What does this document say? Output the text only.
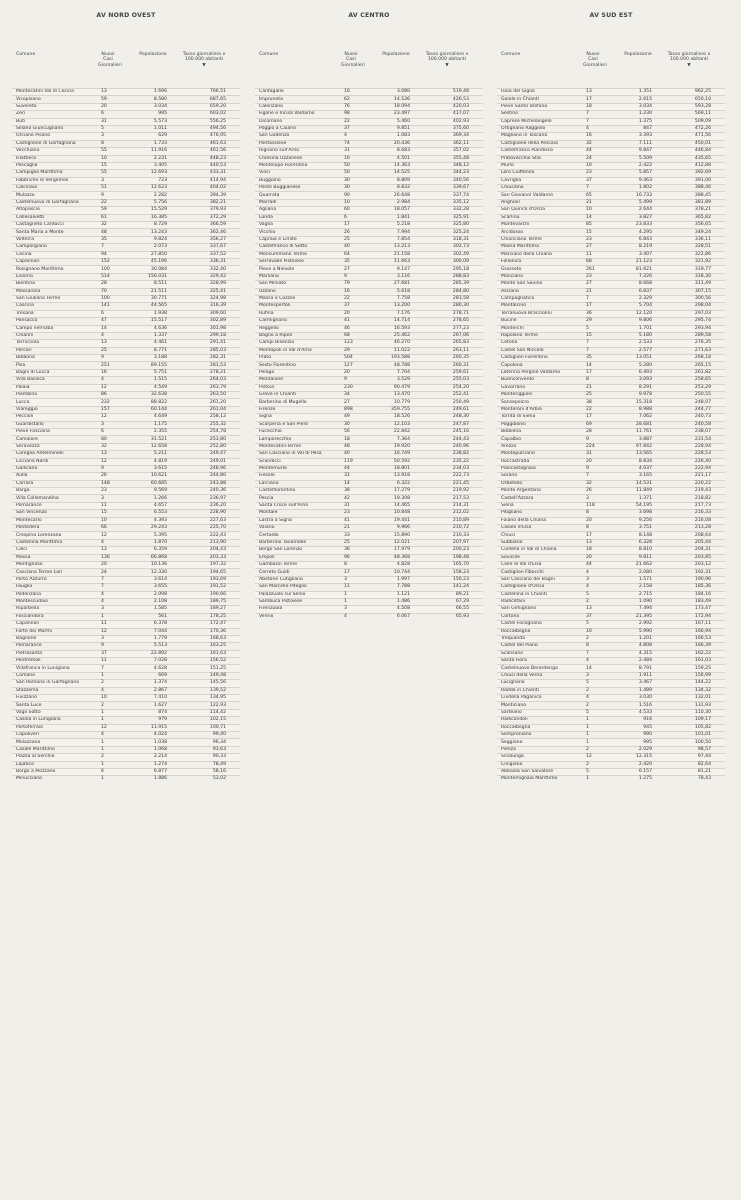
AV NORD OVEST
Comune	Nuovi Casi Giornalieri
Popolazione	Tasso giornaliero x 100.000 abitanti
▼
Montecatini Val di Cecina	13	1.696	766,51
Vicopisano	59	8.580	687,65
Suvereto	20	3.034	659,20
Zeri	6	995	603,02
Buti	31	5.573	556,25
Sillano Giuncugnano	5	1.011	494,56
Orciano Pisano	3	629	476,95
Castiglione di Garfagnana	8	1.733	461,63
Vecchiano	55	11.916	461,56
Filattiera	10	2.231	448,23
Pescaglia	15	3.405	440,53
Campiglia Marittima	55	12.693	433,31
Fabbriche di Vergemoli	3	723	414,94
Calcinaia	51	12.623	404,02
Mulazzo	9	2.282	394,39
Castelnuovo di Garfagnana	22	5.756	382,21
Altopascio	59	15.529	379,93
Collesalvetti	61	16.385	372,29
Castagneto Carducci	32	8.729	366,59
Santa Maria a Monte	48	13.243	362,46
Volterra	35	9.824	356,27
Camporgiano	7	2.073	337,67
Cecina	94	27.850	337,52
Capannori	152	45.196	336,31
Rosignano Marittimo	100	30.084	332,40
Livorno	514	156.031	329,42
Bientina	28	8.511	328,99
Massarosa	70	21.511	325,41
San Giuliano Terme	100	30.771	324,98
Cascina	141	44.565	316,39
Tresana	6	1.938	309,60
Ponsacco	47	15.517	302,89
Campo nell'Elba	14	4.636	301,98
Chianni	4	1.337	299,18
Terricciola	13	4.461	291,41
Porcari	25	8.771	285,03
Bibbona	9	3.188	282,31
Pisa	251	89.155	281,53
Bagni di Lucca	16	5.751	278,21
Villa Basilica	4	1.515	264,03
Palaia	12	4.549	263,79
Piombino	86	32.638	263,50
Lucca	232	88.822	261,20
Viareggio	157	60.144	261,04
Peccioli	12	4.649	258,12
Guardistallo	3	1.175	255,32
Pieve Fosciana	6	2.355	254,78
Camaiore	80	31.521	253,80
Seravezza	32	12.658	252,80
Coreglia Antelminelli	13	5.211	249,47
Licciana Nardi	12	4.819	249,01
Gallicano	9	3.615	248,96
Aulla	26	10.621	244,80
Carrara	148	60.685	243,88
Barga	23	9.569	240,36
Villa Collemandina	3	1.266	236,97
Pomarance	11	4.657	236,20
San Vincenzo	15	6.553	228,90
Montecarlo	10	4.393	227,63
Pontedera	66	29.243	225,70
Crespina Lorenzana	12	5.395	222,43
Castellina Marittima	4	1.870	213,90
Calci	13	6.359	204,43
Massa	136	66.868	203,33
Montignoso	20	10.136	197,32
Casciana Terme Lari	24	12.330	194,65
Porto Azzurro	7	3.614	193,69
Fauglia	7	3.655	191,52
Podenzana	4	2.098	190,66
Montescudaio	4	2.108	189,75
Riparbella	3	1.585	189,27
Fosciandora	1	561	178,25
Capannoli	11	6.378	172,47
Forte dei Marmi	12	7.044	170,36
Bagnone	3	1.779	168,63
Pomarance	9	5.513	163,25
Pietrasanta	37	22.892	161,63
Pontremoli	11	7.028	156,52
Villafranca in Lunigiana	7	4.628	151,25
Comano	1	669	149,48
San Romano in Garfagnana	2	1.374	145,56
Stazzema	4	2.867	139,52
Fivizzano	10	7.410	134,95
Santa Luce	2	1.627	122,93
Vagli Sotto	1	874	114,42
Casola in Lunigiana	1	979	102,15
Portoferraio	12	11.915	100,71
Capoliveri	4	4.024	99,40
Molazzana	1	1.038	96,34
Casale Marittimo	1	1.068	93,63
Piazza al Serchio	2	2.214	90,33
Lajatico	1	1.274	78,49
Borgo a Mozzano	6	6.877	58,16
Minucciano	1	1.886	53,02
AV CENTRO
Comune	Nuovi Casi Giornalieri
Popolazione	Tasso giornaliero x 100.000 abitanti
▼
Cantagallo	16	3.080	519,48
Impruneta	62	14.536	426,53
Calenzano	76	18.094	420,03
Figline e Incisa Valdarno	98	23.497	417,07
Dicomano	22	5.460	402,93
Poggio a Caiano	37	9.851	375,60
San Godenzo	4	1.083	369,34
Pontassieve	74	20.436	362,11
Rignano sull'Arno	31	8.683	357,02
Chiesina Uzzanese	16	4.501	355,48
Montelupo Fiorentino	50	14.363	348,12
Vinci	50	14.525	344,23
Buggiano	30	8.809	340,56
Ponte Buggianese	30	8.832	339,67
Quarrata	90	26.648	337,74
Marradi	10	2.984	335,12
Agliana	60	18.057	332,28
Londa	6	1.841	325,91
Vaglia	17	5.218	325,80
Vicchio	26	7.994	325,24
Capraia e Limite	25	7.854	318,31
Castelfranco di Sotto	40	13.213	302,73
Monsummano Terme	64	21.158	302,49
Serravalle Pistoiese	35	11.663	300,09
Pieve a Nievole	27	9.147	295,18
Marliana	9	3.116	288,83
San Miniato	79	27.681	285,39
Uzzano	16	5.618	284,80
Massa e Cozzile	22	7.758	283,58
Montespertoli	37	13.200	280,30
Rufina	20	7.176	278,71
Carmignano	41	14.714	278,65
Reggello	46	16.593	277,23
Bagno a Ripoli	68	25.462	267,06
Campi Bisenzio	123	46.270	265,83
Montopoli in Val d'Arno	29	11.022	263,11
Prato	504	193.588	260,35
Sesto Fiorentino	127	48.788	260,31
Pelago	20	7.704	259,61
Montaione	9	3.529	255,03
Pistoia	230	90.479	254,20
Greve in Chianti	34	13.470	252,41
Barberino di Mugello	27	10.779	250,49
Firenze	898	359.755	249,61
Signa	49	18.526	248,30
Scarperia e San Piero	30	12.103	247,87
Fucecchio	56	22.842	245,16
Lamporecchio	18	7.364	244,43
Montecatini-Terme	48	19.920	240,96
San Casciano in Val di Pesa	40	16.749	238,82
Scandicci	119	50.592	235,22
Montemurlo	44	18.801	234,03
Fiesole	31	13.918	222,73
Larciano	14	6.322	221,45
Castelfiorentino	38	17.279	219,92
Pescia	42	19.308	217,53
Santa Croce sull'Arno	31	14.465	214,31
Montale	23	10.848	212,02
Lastra a Signa	41	19.441	210,89
Vaiano	21	9.966	210,72
Certaldo	33	15.890	210,33
Barberino Tavarnelle	25	12.021	207,97
Borgo San Lorenzo	36	17.979	200,23
Empoli	96	48.368	198,48
Gambassi Terme	8	4.828	165,70
Cerreto Guidi	17	10.744	158,23
Abetone Cutigliano	3	1.997	150,23
San Marcello Piteglio	11	7.788	141,24
Palazzuolo sul Senio	1	1.121	89,21
Sambuca Pistoiese	1	1.486	67,29
Firenzuola	3	4.508	66,55
Vernio	4	6.067	65,93
AV SUD EST
Comune	Nuovi Casi Giornalieri
Popolazione	Tasso giornaliero x 100.000 abitanti
▼
Isola del Giglio	13	1.351	962,25
Gaiole in Chianti	17	2.615	650,10
Pieve Santo Stefano	18	3.034	593,28
Sestino	7	1.230	569,11
Caprese Michelangelo	7	1.375	509,09
Ortignano Raggiolo	4	847	472,26
Magliano in Toscana	16	3.393	471,56
Castiglione della Pescaia	32	7.111	450,01
Castelfranco Piandiscò	44	9.847	446,84
Pratovecchio Stia	24	5.509	435,65
Murlo	10	2.422	412,88
Loro Ciuffenna	23	5.857	392,69
Cavriglia	37	9.463	391,00
Chiusdino	7	1.802	388,46
San Giovanni Valdarno	65	16.733	388,45
Anghiari	21	5.499	381,89
San Quirico d'Orcia	10	2.644	378,21
Scarlino	14	3.827	365,82
Montevarchi	85	23.833	356,65
Arcidosso	15	4.295	349,24
Chianciano Terme	23	6.843	336,11
Massa Marittima	27	8.219	328,51
Marciano della Chiana	11	3.407	322,86
Follonica	68	21.123	321,92
Grosseto	261	81.621	319,77
Manciano	23	7.226	318,30
Monte San Savino	27	8.668	311,49
Asciano	21	6.837	307,15
Campagnatico	7	2.329	300,56
Montalcino	17	5.704	298,04
Terranuova Bracciolini	36	12.120	297,03
Bucine	29	9.806	295,74
Monterchi	5	1.701	293,94
Rapolano Terme	15	5.180	289,58
Cetona	7	2.533	276,35
Castel San Niccolò	7	2.577	271,63
Castiglion Fiorentino	35	13.051	268,18
Capolona	14	5.280	265,15
Laterina Pergine Valdarno	17	6.493	261,82
Buonconvento	8	3.093	258,65
Gavorrano	21	8.291	253,29
Monteriggioni	25	9.978	250,55
Sansepolcro	38	15.318	248,07
Monteroni d'Arbia	22	8.988	244,77
Torrita di Siena	17	7.062	240,73
Poggibonsi	69	28.681	240,58
Bibbiena	28	11.761	238,07
Capalbio	9	3.887	231,54
Arezzo	224	97.842	228,94
Montepulciano	31	13.565	228,53
Roccastrada	20	8.834	226,40
Piancastagnaio	9	4.037	222,94
Sorano	7	3.165	221,17
Orbetello	32	14.531	220,22
Monte Argentario	26	11.849	219,43
Castell'Azzara	3	1.371	218,82
Siena	118	54.195	217,73
Pitigliano	8	3.698	216,33
Foiano della Chiana	20	9.256	216,08
Casole d'Elsa	8	3.751	213,28
Chiusi	17	8.148	208,64
Subbiano	13	6.328	205,44
Civitella in Val di Chiana	18	8.810	204,31
Sovicille	20	9.811	203,85
Colle di Val d'Elsa	44	21.662	203,12
Castiglion Fibocchi	4	2.080	192,31
San Casciano dei Bagni	3	1.571	190,96
Castiglione d'Orcia	4	2.158	185,36
Castellina in Chianti	5	2.715	184,16
Radicofani	2	1.090	183,49
San Gimignano	13	7.494	173,47
Cortona	37	21.395	172,94
Castel Focognano	5	2.992	167,11
Roccalbegna	10	5.990	166,94
Trequanda	2	1.201	166,53
Castel del Piano	8	4.808	166,39
Scansano	7	4.315	162,22
Santa Fiora	4	2.484	161,03
Castelnuovo Berardenga	14	8.791	159,25
Chiusi della Verna	3	1.911	156,99
Lucignano	5	3.467	144,22
Radda in Chianti	2	1.489	134,32
Civitella Paganico	4	3.030	132,01
Monticiano	2	1.516	131,93
Sarteano	5	4.533	110,30
Radicondoli	1	916	109,17
Roccalbegna	1	945	105,82
Semproniano	1	990	101,01
Seggiano	1	995	100,50
Pienza	2	2.029	98,57
Sinalunga	12	12.315	97,44
Cinigiano	2	2.420	82,64
Abbadia San Salvatore	5	6.157	81,21
Montemignaio Marittimo	1	1.275	78,43
